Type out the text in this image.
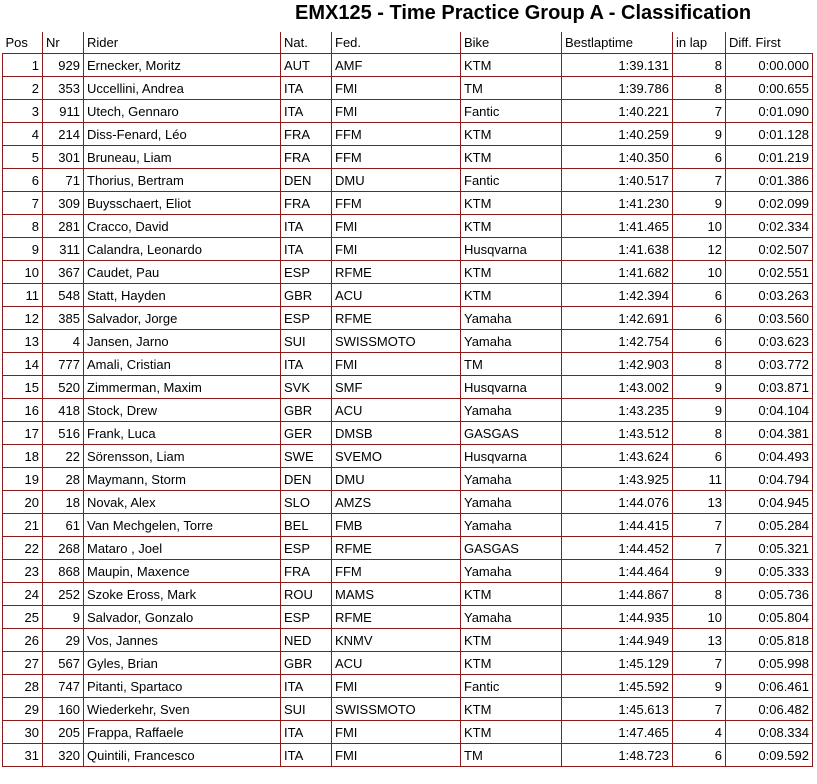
EMX125 - Time Practice Group A - Classification
Pos	Nr	Rider	Nat.	Fed.	Bike	Bestlaptime	in lap	Diff. First
1	929	Ernecker, Moritz	AUT	AMF	KTM	1:39.131	8	0:00.000
2	353	Uccellini, Andrea	ITA	FMI	TM	1:39.786	8	0:00.655
3	911	Utech, Gennaro	ITA	FMI	Fantic	1:40.221	7	0:01.090
4	214	Diss-Fenard, Léo	FRA	FFM	KTM	1:40.259	9	0:01.128
5	301	Bruneau, Liam	FRA	FFM	KTM	1:40.350	6	0:01.219
6	71	Thorius, Bertram	DEN	DMU	Fantic	1:40.517	7	0:01.386
7	309	Buysschaert, Eliot	FRA	FFM	KTM	1:41.230	9	0:02.099
8	281	Cracco, David	ITA	FMI	KTM	1:41.465	10	0:02.334
9	311	Calandra, Leonardo	ITA	FMI	Husqvarna	1:41.638	12	0:02.507
10	367	Caudet, Pau	ESP	RFME	KTM	1:41.682	10	0:02.551
11	548	Statt, Hayden	GBR	ACU	KTM	1:42.394	6	0:03.263
12	385	Salvador, Jorge	ESP	RFME	Yamaha	1:42.691	6	0:03.560
13	4	Jansen, Jarno	SUI	SWISSMOTO	Yamaha	1:42.754	6	0:03.623
14	777	Amali, Cristian	ITA	FMI	TM	1:42.903	8	0:03.772
15	520	Zimmerman, Maxim	SVK	SMF	Husqvarna	1:43.002	9	0:03.871
16	418	Stock, Drew	GBR	ACU	Yamaha	1:43.235	9	0:04.104
17	516	Frank, Luca	GER	DMSB	GASGAS	1:43.512	8	0:04.381
18	22	Sörensson, Liam	SWE	SVEMO	Husqvarna	1:43.624	6	0:04.493
19	28	Maymann, Storm	DEN	DMU	Yamaha	1:43.925	11	0:04.794
20	18	Novak, Alex	SLO	AMZS	Yamaha	1:44.076	13	0:04.945
21	61	Van Mechgelen, Torre	BEL	FMB	Yamaha	1:44.415	7	0:05.284
22	268	Mataro , Joel	ESP	RFME	GASGAS	1:44.452	7	0:05.321
23	868	Maupin, Maxence	FRA	FFM	Yamaha	1:44.464	9	0:05.333
24	252	Szoke Eross, Mark	ROU	MAMS	KTM	1:44.867	8	0:05.736
25	9	Salvador, Gonzalo	ESP	RFME	Yamaha	1:44.935	10	0:05.804
26	29	Vos, Jannes	NED	KNMV	KTM	1:44.949	13	0:05.818
27	567	Gyles, Brian	GBR	ACU	KTM	1:45.129	7	0:05.998
28	747	Pitanti, Spartaco	ITA	FMI	Fantic	1:45.592	9	0:06.461
29	160	Wiederkehr, Sven	SUI	SWISSMOTO	KTM	1:45.613	7	0:06.482
30	205	Frappa, Raffaele	ITA	FMI	KTM	1:47.465	4	0:08.334
31	320	Quintili, Francesco	ITA	FMI	TM	1:48.723	6	0:09.592
